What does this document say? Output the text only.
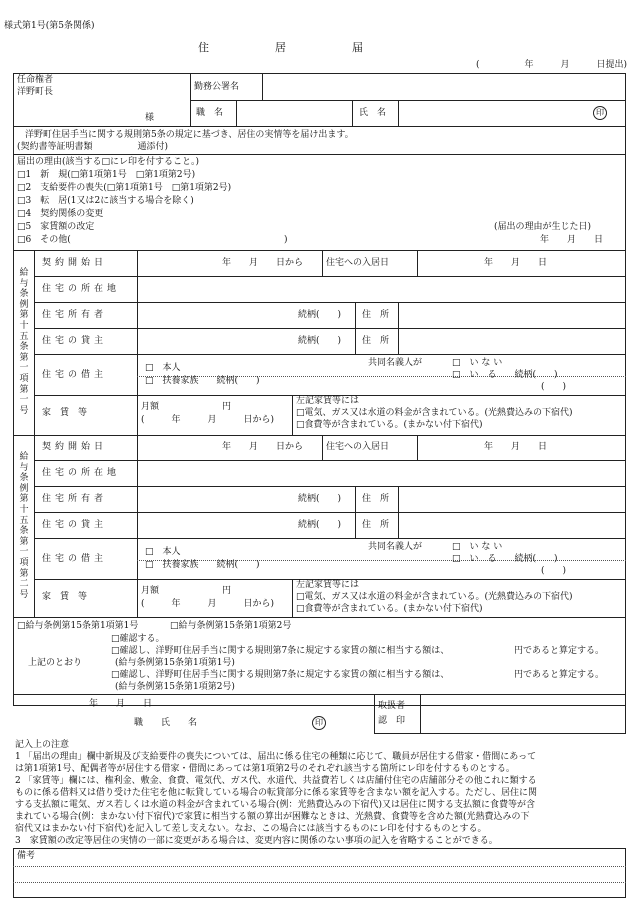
様式第1号(第5条関係)
住　　　　　　居　　　　　　届
(　　　　　年　　　月　　　日提出)
任命権者
洋野町長
様
勤務公署名
職　名	氏　名	印
洋野町住居手当に関する規則第5条の規定に基づき、居住の実情等を届け出ます。
(契約書等証明書類　　　　　通添付)
届出の理由(該当する□にレ印を付すること。)
□1　新　規(□第1項第1号　□第1項第2号)
□2　支給要件の喪失(□第1項第1号　□第1項第2号)
□3　転　居(1又は2に該当する場合を除く)
□4　契約関係の変更
□5　家賃額の改定	(届出の理由が生じた日)
□6　その他(	)	年　　月　　日
給与条例第十五条第一項第一号
契約開始日	年　　月　　日から	住宅への入居日	年　　月　　日
住宅の所在地
住宅所有者	続柄(　　) 住　所
住宅の貸主	続柄(　　) 住　所
住宅の借主
□　本人
□　扶養家族　　続柄(　　)
共同名義人が	□　い な い
□　い　る　　続柄(　　)
(　　)
家賃等
月額　　　　　　　円
(　　　年　　　月　　　日から)
左記家賃等には
□電気、ガス又は水道の料金が含まれている。(光熱費込みの下宿代)
□食費等が含まれている。(まかない付下宿代)
給与条例第十五条第一項第二号
契約開始日	年　　月　　日から	住宅への入居日	年　　月　　日
住宅の所在地
住宅所有者	続柄(　　) 住　所
住宅の貸主	続柄(　　) 住　所
住宅の借主
□　本人
□　扶養家族　　続柄(　　)
共同名義人が	□　い な い
□　い　る　　続柄(　　)
(　　)
家賃等
月額　　　　　　　円
(　　　年　　　月　　　日から)
左記家賃等には
□電気、ガス又は水道の料金が含まれている。(光熱費込みの下宿代)
□食費等が含まれている。(まかない付下宿代)
□給与条例第15条第1項第1号	□給与条例第15条第1項第2号
□確認する。
上記のとおり
□確認し、洋野町住居手当に関する規則第7条に規定する家賃の額に相当する額は、	円であると算定する。
(給与条例第15条第1項第1号)
□確認し、洋野町住居手当に関する規則第7条に規定する家賃の額に相当する額は、	円であると算定する。
(給与条例第15条第1項第2号)
取扱者
認　印
年　　月　　日
職　　氏　　名	印
記入上の注意
1 「届出の理由」欄中新規及び支給要件の喪失については、届出に係る住宅の種類に応じて、職員が居住する借家・借間にあって
は第1項第1号、配偶者等が居住する借家・借間にあっては第1項第2号のそれぞれ該当する箇所にレ印を付するものとする。
2 「家賃等」欄には、権利金、敷金、食費、電気代、ガス代、水道代、共益費若しくは店舗付住宅の店舗部分その他これに類する
ものに係る借料又は借り受けた住宅を他に転貸している場合の転貸部分に係る家賃等を含まない額を記入する。ただし、居住に関
する支払額に電気、ガス若しくは水道の料金が含まれている場合(例：光熱費込みの下宿代)又は居住に関する支払額に食費等が含
まれている場合(例：まかない付下宿代)で家賃に相当する額の算出が困難なときは、光熱費、食費等を含めた額(光熱費込みの下
宿代又はまかない付下宿代)を記入して差し支えない。なお、この場合には該当するものにレ印を付するものとする。
3　家賃額の改定等居住の実情の一部に変更がある場合は、変更内容に関係のない事項の記入を省略することができる。
備考
